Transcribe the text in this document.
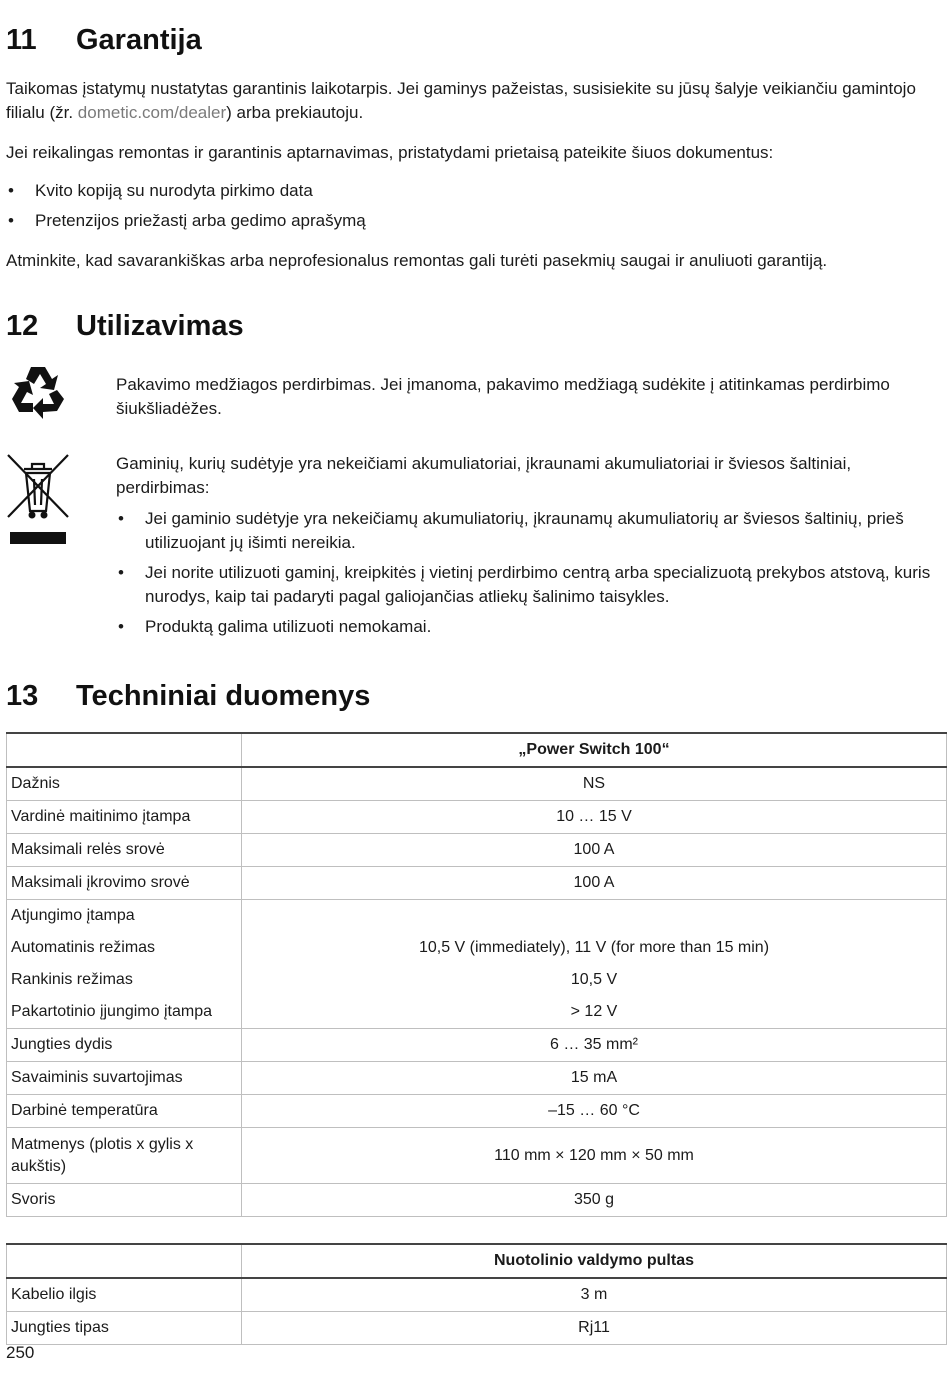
11	Garantija

Taikomas įstatymų nustatytas garantinis laikotarpis. Jei gaminys pažeistas, susisiekite su jūsų šalyje veikiančiu gamintojo filialu (žr. dometic.com/dealer) arba prekiautoju.

Jei reikalingas remontas ir garantinis aptarnavimas, pristatydami prietaisą pateikite šiuos dokumentus:

• Kvito kopiją su nurodyta pirkimo data
• Pretenzijos priežastį arba gedimo aprašymą

Atminkite, kad savarankiškas arba neprofesionalus remontas gali turėti pasekmių saugai ir anuliuoti garantiją.

12	Utilizavimas

Pakavimo medžiagos perdirbimas. Jei įmanoma, pakavimo medžiagą sudėkite į atitinkamas perdirbimo šiukšliadėžes.

Gaminių, kurių sudėtyje yra nekeičiami akumuliatoriai, įkraunami akumuliatoriai ir šviesos šaltiniai, perdirbimas:

• Jei gaminio sudėtyje yra nekeičiamų akumuliatorių, įkraunamų akumuliatorių ar šviesos šaltinių, prieš utilizuojant jų išimti nereikia.
• Jei norite utilizuoti gaminį, kreipkitės į vietinį perdirbimo centrą arba specializuotą prekybos atstovą, kuris nurodys, kaip tai padaryti pagal galiojančias atliekų šalinimo taisykles.
• Produktą galima utilizuoti nemokamai.
13	Techniniai duomenys
	„Power Switch 100“
Dažnis	NS
Vardinė maitinimo įtampa	10 … 15 V
Maksimali relės srovė	100 A
Maksimali įkrovimo srovė	100 A
Atjungimo įtampa	
Automatinis režimas	10,5 V (immediately), 11 V (for more than 15 min)
Rankinis režimas	10,5 V
Pakartotinio įjungimo įtampa	> 12 V
Jungties dydis	6 … 35 mm²
Savaiminis suvartojimas	15 mA
Darbinė temperatūra	–15 … 60 °C

Matmenys (plotis x gylis x aukštis)	110 mm × 120 mm × 50 mm
Svoris	350 g
	Nuotolinio valdymo pultas
Kabelio ilgis	3 m
Jungties tipas	Rj11
250
